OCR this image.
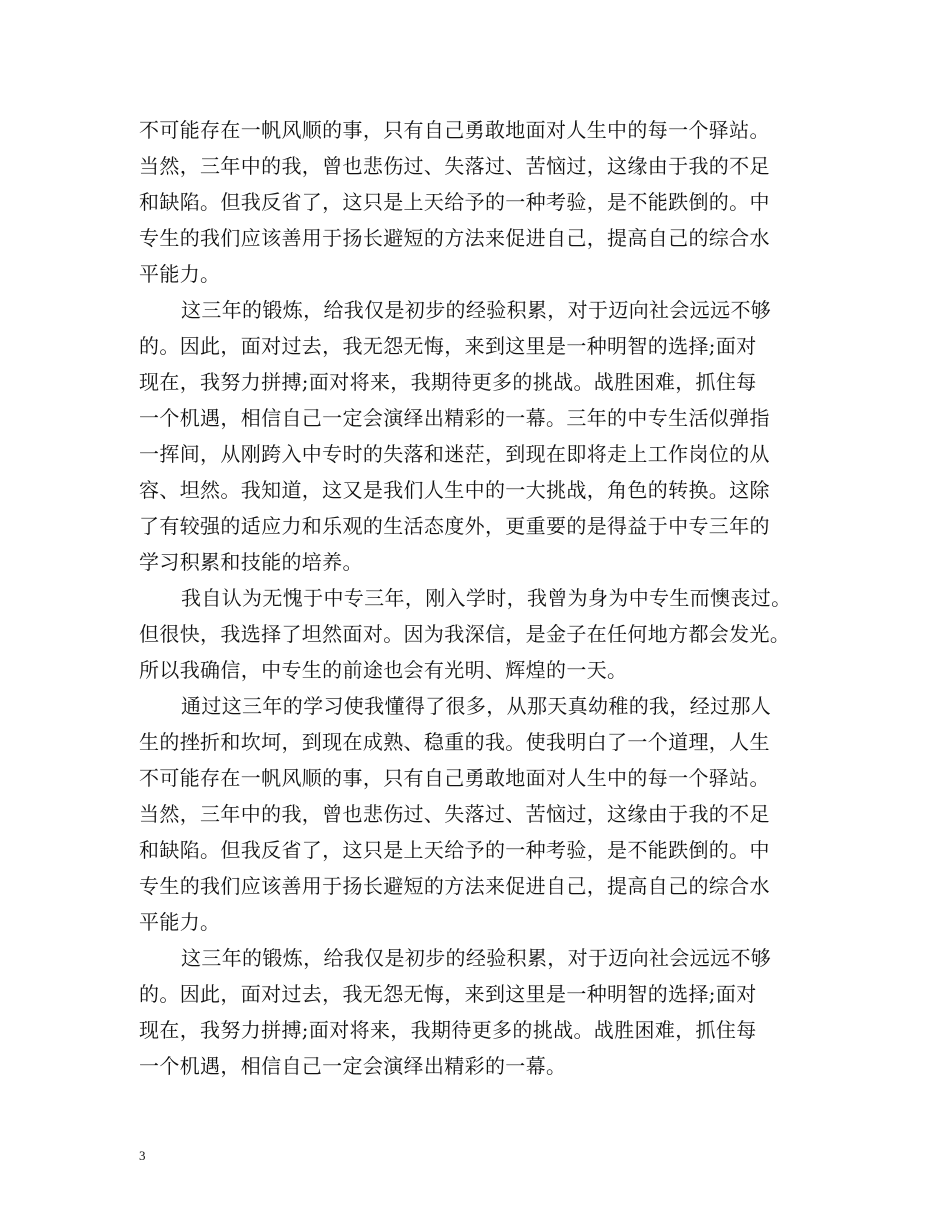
不可能存在一帆风顺的事，只有自己勇敢地面对人生中的每一个驿站。
当然，三年中的我，曾也悲伤过、失落过、苦恼过，这缘由于我的不足
和缺陷。但我反省了，这只是上天给予的一种考验，是不能跌倒的。中
专生的我们应该善用于扬长避短的方法来促进自己，提高自己的综合水
平能力。
这三年的锻炼，给我仅是初步的经验积累，对于迈向社会远远不够
的。因此，面对过去，我无怨无悔，来到这里是一种明智的选择;面对
现在，我努力拼搏;面对将来，我期待更多的挑战。战胜困难，抓住每
一个机遇，相信自己一定会演绎出精彩的一幕。三年的中专生活似弹指
一挥间，从刚跨入中专时的失落和迷茫，到现在即将走上工作岗位的从
容、坦然。我知道，这又是我们人生中的一大挑战，角色的转换。这除
了有较强的适应力和乐观的生活态度外，更重要的是得益于中专三年的
学习积累和技能的培养。
我自认为无愧于中专三年，刚入学时，我曾为身为中专生而懊丧过。
但很快，我选择了坦然面对。因为我深信，是金子在任何地方都会发光。
所以我确信，中专生的前途也会有光明、辉煌的一天。
通过这三年的学习使我懂得了很多，从那天真幼稚的我，经过那人
生的挫折和坎坷，到现在成熟、稳重的我。使我明白了一个道理，人生
不可能存在一帆风顺的事，只有自己勇敢地面对人生中的每一个驿站。
当然，三年中的我，曾也悲伤过、失落过、苦恼过，这缘由于我的不足
和缺陷。但我反省了，这只是上天给予的一种考验，是不能跌倒的。中
专生的我们应该善用于扬长避短的方法来促进自己，提高自己的综合水
平能力。
这三年的锻炼，给我仅是初步的经验积累，对于迈向社会远远不够
的。因此，面对过去，我无怨无悔，来到这里是一种明智的选择;面对
现在，我努力拼搏;面对将来，我期待更多的挑战。战胜困难，抓住每
一个机遇，相信自己一定会演绎出精彩的一幕。
3
